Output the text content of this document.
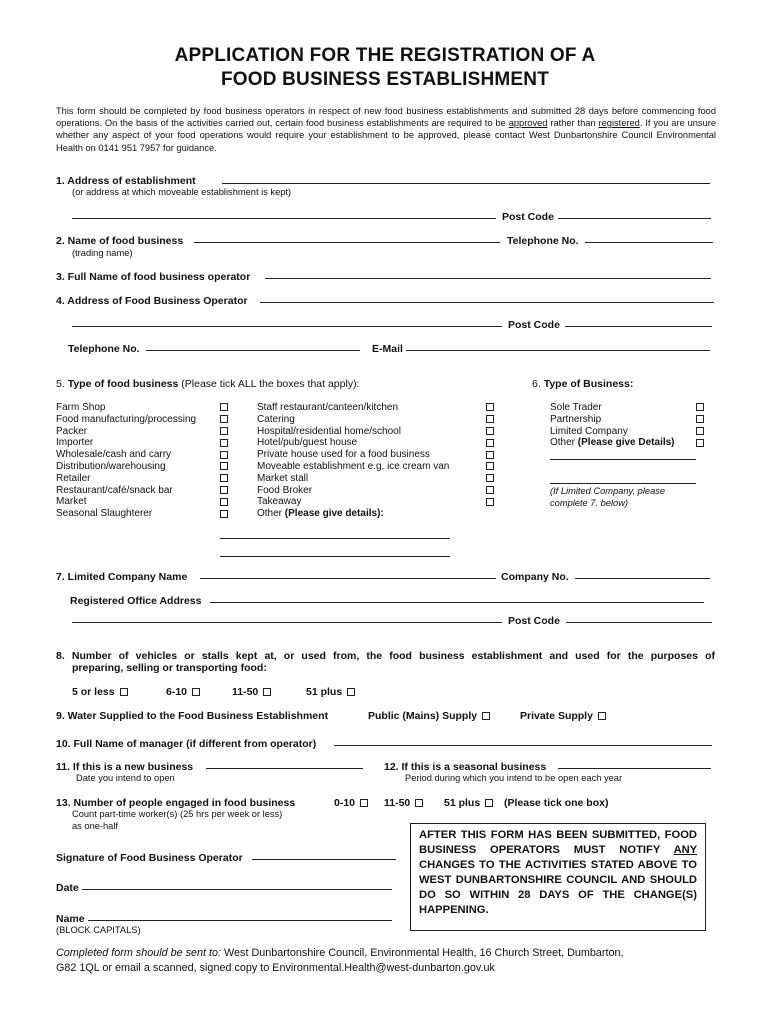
APPLICATION FOR THE REGISTRATION OF A
FOOD BUSINESS ESTABLISHMENT

This form should be completed by food business operators in respect of new food business establishments and submitted 28 days before commencing food operations. On the basis of the activities carried out, certain food business establishments are required to be approved rather than registered. If you are unsure whether any aspect of your food operations would require your establishment to be approved, please contact West Dunbartonshire Council Environmental Health on 0141 951 7957 for guidance.

1. Address of establishment
(or address at which moveable establishment is kept)
Post Code
2. Name of food business
(trading name)
Telephone No.
3. Full Name of food business operator
4. Address of Food Business Operator
Post Code
Telephone No.	E-Mail
5. Type of food business (Please tick ALL the boxes that apply):	6. Type of Business:
Farm Shop
Food manufacturing/processing
Packer
Importer
Wholesale/cash and carry
Distribution/warehousing
Retailer
Restaurant/café/snack bar
Market
Seasonal Slaughterer
Staff restaurant/canteen/kitchen
Catering
Hospital/residential home/school
Hotel/pub/guest house
Private house used for a food business
Moveable establishment e.g. ice cream van
Market stall
Food Broker
Takeaway
Other (Please give details):
Sole Trader
Partnership
Limited Company
Other (Please give Details)
(If Limited Company, please
complete 7. below)
7. Limited Company Name	Company No.
Registered Office Address
Post Code
8. Number of vehicles or stalls kept at, or used from, the food business establishment and used for the purposes of
preparing, selling or transporting food:
5 or less	6-10	11-50	51 plus
9. Water Supplied to the Food Business Establishment	Public (Mains) Supply	Private Supply
10. Full Name of manager (if different from operator)
11. If this is a new business
Date you intend to open
12. If this is a seasonal business
Period during which you intend to be open each year
13. Number of people engaged in food business	0-10	11-50	51 plus	(Please tick one box)
Count part-time worker(s) (25 hrs per week or less)
as one-half
Signature of Food Business Operator
Date
Name
(BLOCK CAPITALS)
AFTER THIS FORM HAS BEEN SUBMITTED, FOOD BUSINESS OPERATORS MUST NOTIFY ANY CHANGES TO THE ACTIVITIES STATED ABOVE TO WEST DUNBARTONSHIRE COUNCIL AND SHOULD DO SO WITHIN 28 DAYS OF THE CHANGE(S) HAPPENING.
Completed form should be sent to: West Dunbartonshire Council, Environmental Health, 16 Church Street, Dumbarton,
G82 1QL or email a scanned, signed copy to Environmental.Health@west-dunbarton.gov.uk
